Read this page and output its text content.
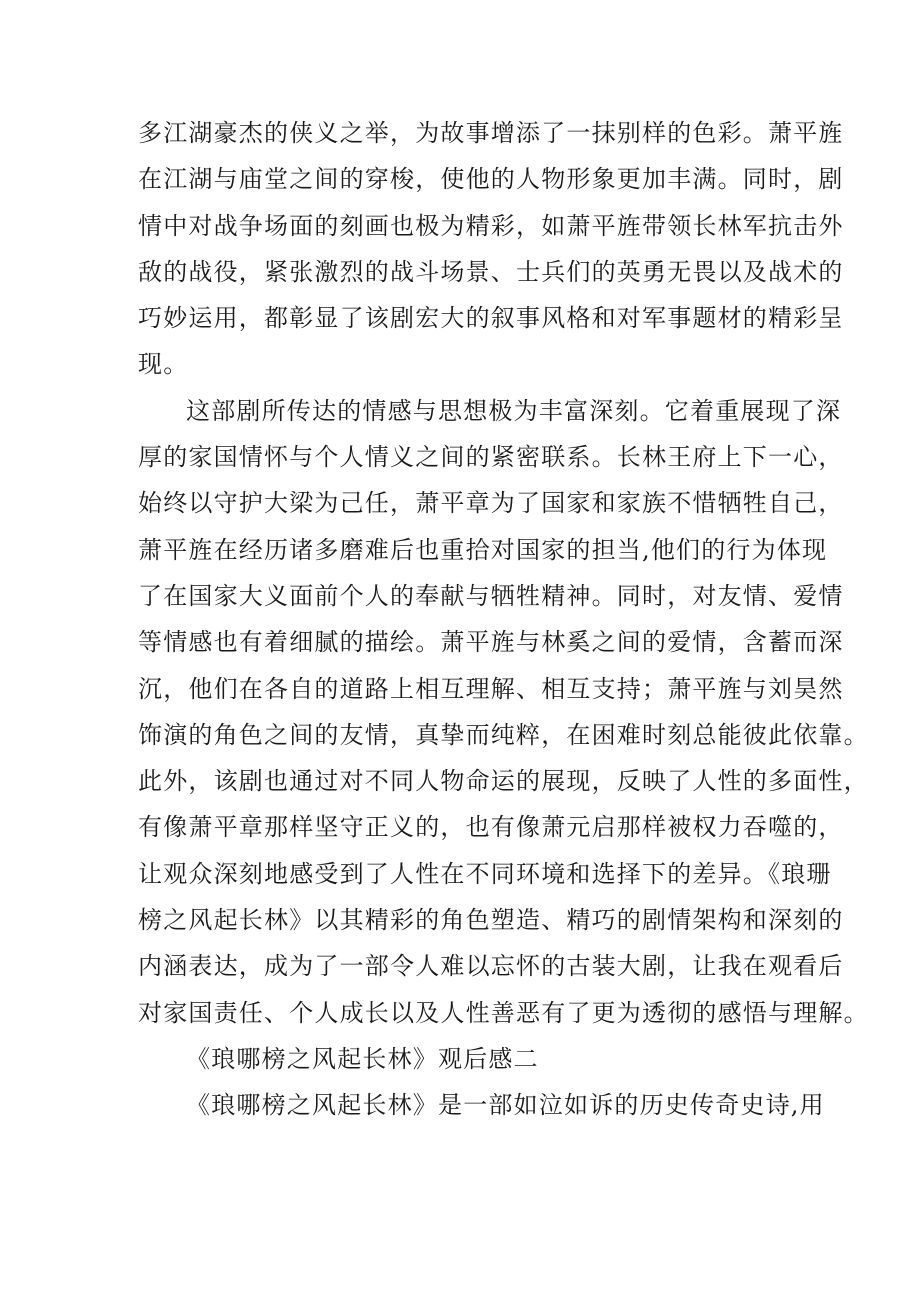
多江湖豪杰的侠义之举，为故事增添了一抹别样的色彩。萧平旌
在江湖与庙堂之间的穿梭，使他的人物形象更加丰满。同时，剧
情中对战争场面的刻画也极为精彩，如萧平旌带领长林军抗击外
敌的战役，紧张激烈的战斗场景、士兵们的英勇无畏以及战术的
巧妙运用，都彰显了该剧宏大的叙事风格和对军事题材的精彩呈
现。
这部剧所传达的情感与思想极为丰富深刻。它着重展现了深
厚的家国情怀与个人情义之间的紧密联系。长林王府上下一心，
始终以守护大梁为己任，萧平章为了国家和家族不惜牺牲自己，
萧平旌在经历诸多磨难后也重拾对国家的担当,他们的行为体现
了在国家大义面前个人的奉献与牺牲精神。同时，对友情、爱情
等情感也有着细腻的描绘。萧平旌与林奚之间的爱情，含蓄而深
沉，他们在各自的道路上相互理解、相互支持；萧平旌与刘昊然
饰演的角色之间的友情，真挚而纯粹，在困难时刻总能彼此依靠。
此外，该剧也通过对不同人物命运的展现，反映了人性的多面性，
有像萧平章那样坚守正义的，也有像萧元启那样被权力吞噬的，
让观众深刻地感受到了人性在不同环境和选择下的差异。《琅珊
榜之风起长林》以其精彩的角色塑造、精巧的剧情架构和深刻的
内涵表达，成为了一部令人难以忘怀的古装大剧，让我在观看后
对家国责任、个人成长以及人性善恶有了更为透彻的感悟与理解。
《琅哪榜之风起长林》观后感二
《琅哪榜之风起长林》是一部如泣如诉的历史传奇史诗,用
